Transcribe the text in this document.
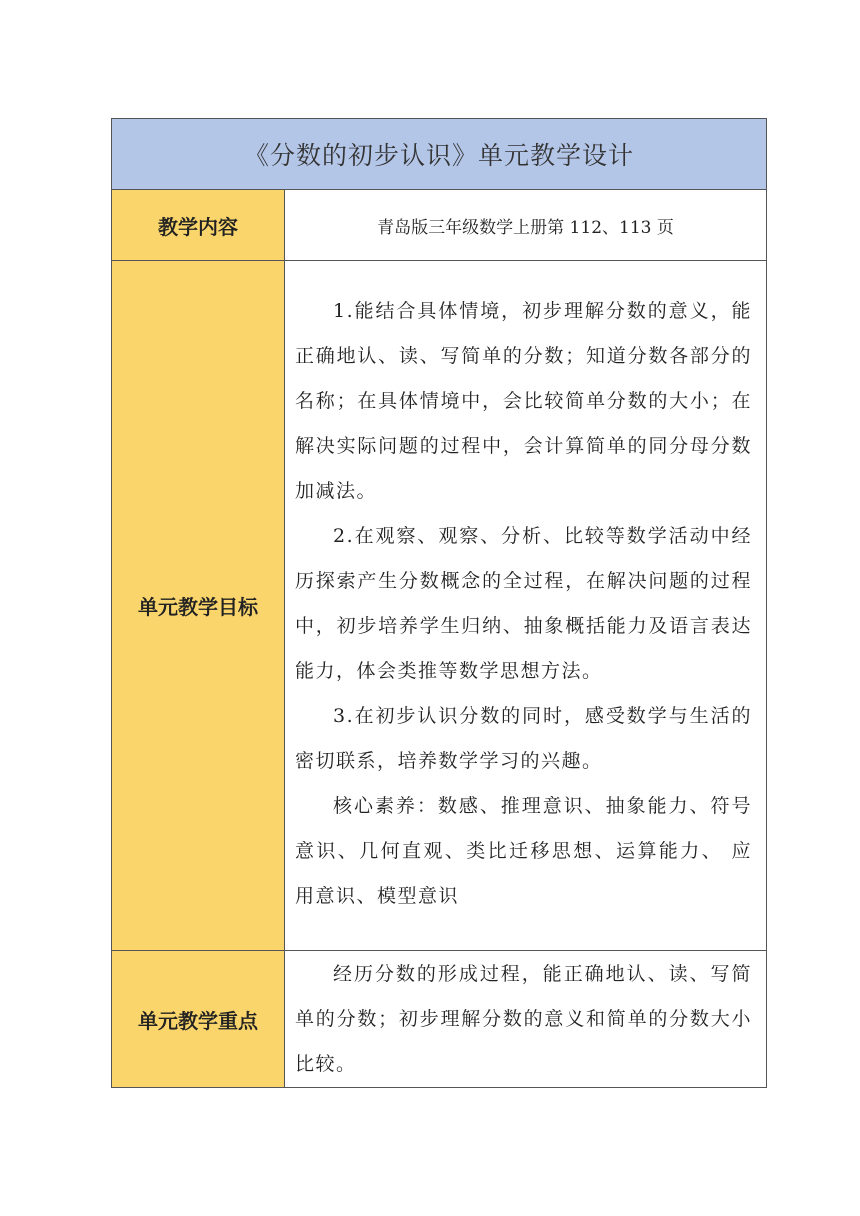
《分数的初步认识》单元教学设计	
教学内容	青岛版三年级数学上册第 112、113 页
单元教学目标	1.能结合具体情境，初步理解分数的意义，能正确地认、读、写简单的分数；知道分数各部分的名称；在具体情境中，会比较简单分数的大小；在解决实际问题的过程中，会计算简单的同分母分数加减法。

2.在观察、观察、分析、比较等数学活动中经历探索产生分数概念的全过程，在解决问题的过程中，初步培养学生归纳、抽象概括能力及语言表达能力，体会类推等数学思想方法。

3.在初步认识分数的同时，感受数学与生活的密切联系，培养数学学习的兴趣。

核心素养：数感、推理意识、抽象能力、符号意识、几何直观、类比迁移思想、运算能力、 应用意识、模型意识

单元教学重点	经历分数的形成过程，能正确地认、读、写简单的分数；初步理解分数的意义和简单的分数大小比较。
